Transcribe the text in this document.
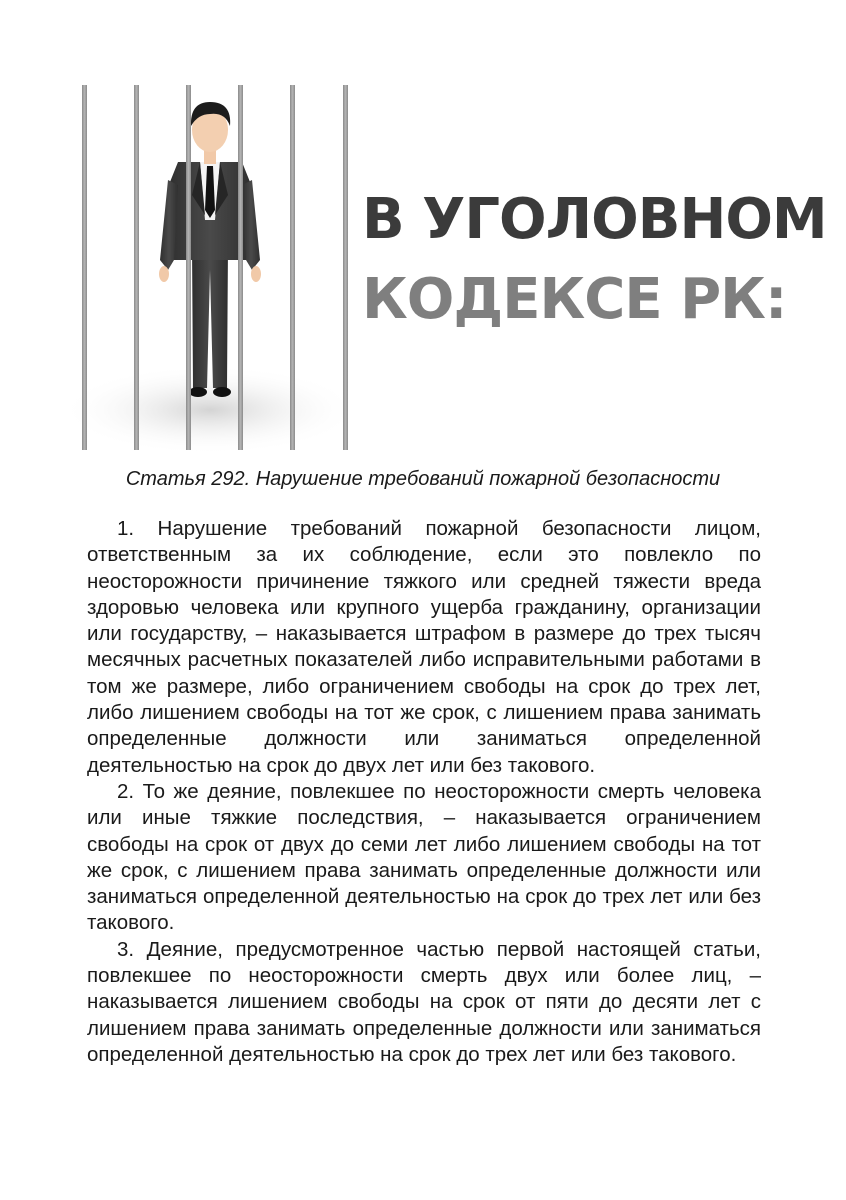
В УГОЛОВНОМ
КОДЕКСЕ РК:
Статья 292. Нарушение требований пожарной безопасности

1. Нарушение требований пожарной безопасности лицом, ответственным за их соблюдение, если это повлекло по неосторожности причинение тяжкого или средней тяжести вреда здоровью человека или крупного ущерба гражданину, организации или государству, – наказывается штрафом в размере до трех тысяч месячных расчетных показателей либо исправительными работами в том же размере, либо ограничением свободы на срок до трех лет, либо лишением свободы на тот же срок, с лишением права занимать определенные должности или заниматься определенной деятельностью на срок до двух лет или без такового.

2. То же деяние, повлекшее по неосторожности смерть человека или иные тяжкие последствия, – наказывается ограничением свободы на срок от двух до семи лет либо лишением свободы на тот же срок, с лишением права занимать определенные должности или заниматься определенной деятельностью на срок до трех лет или без такового.

3. Деяние, предусмотренное частью первой настоящей статьи, повлекшее по неосторожности смерть двух или более лиц, – наказывается лишением свободы на срок от пяти до десяти лет с лишением права занимать определенные должности или заниматься определенной деятельностью на срок до трех лет или без такового.
